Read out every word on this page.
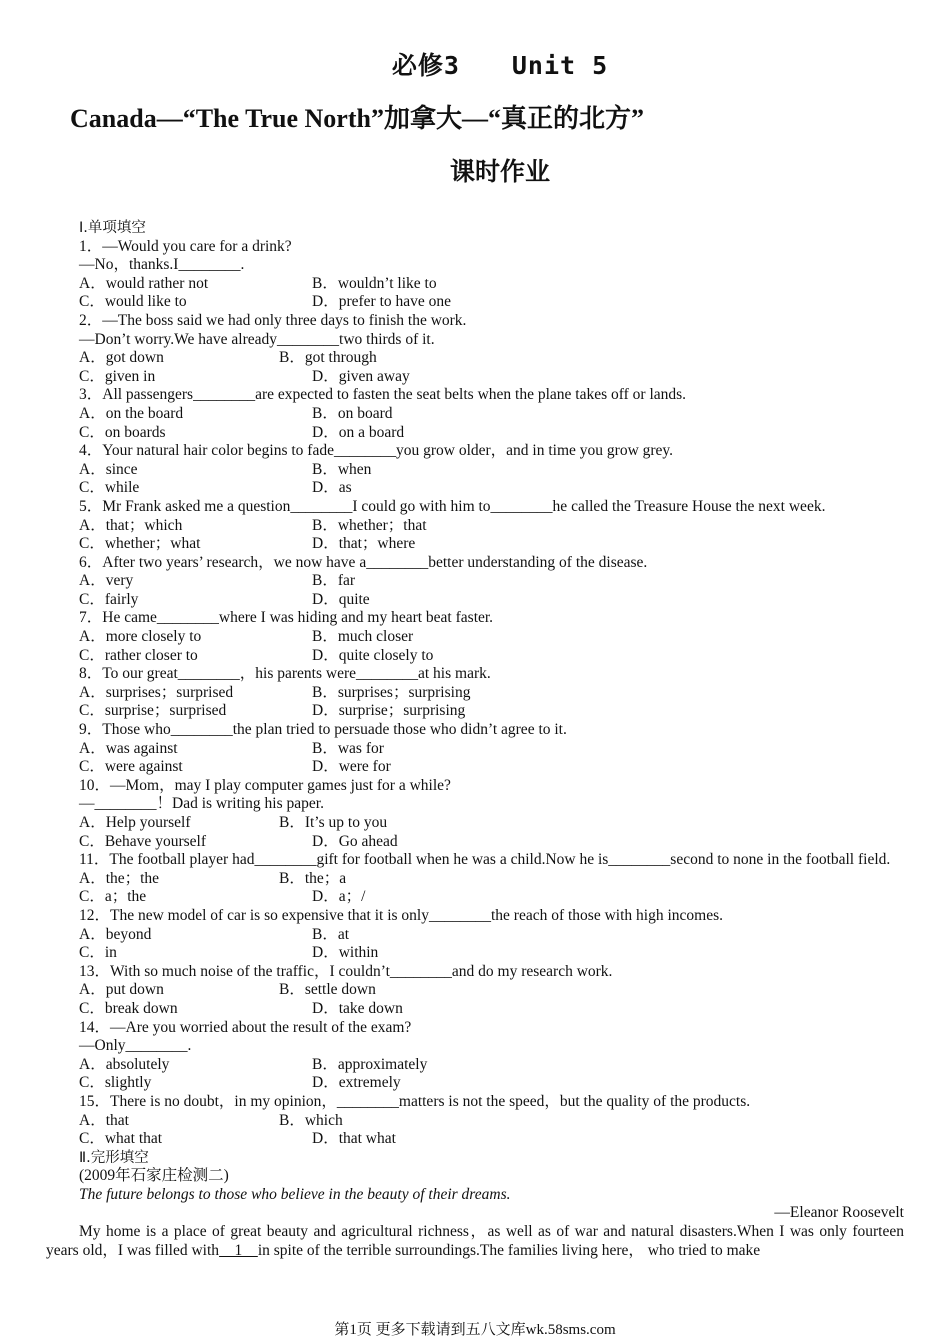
必修3　　Unit 5
Canada—“The True North”加拿大—“真正的北方”
课时作业
Ⅰ.单项填空
1．—Would you care for a drink?
—No，thanks.I________.
A．would rather not	B．wouldn’t like to
C．would like to	D．prefer to have one
2．—The boss said we had only three days to finish the work.
—Don’t worry.We have already________two thirds of it.
A．got down	B．got through
C．given in	D．given away
3．All passengers________are expected to fasten the seat belts when the plane takes off or lands.
A．on the board	B．on board
C．on boards	D．on a board
4．Your natural hair color begins to fade________you grow older，and in time you grow grey.
A．since	B．when
C．while	D．as
5．Mr Frank asked me a question________I could go with him to________he called the Treasure House the next week.
A．that；which	B．whether；that
C．whether；what	D．that；where
6．After two years’ research，we now have a________better understanding of the disease.
A．very	B．far
C．fairly	D．quite
7．He came________where I was hiding and my heart beat faster.
A．more closely to	B．much closer
C．rather closer to	D．quite closely to
8．To our great________，his parents were________at his mark.
A．surprises；surprised	B．surprises；surprising
C．surprise；surprised	D．surprise；surprising
9．Those who________the plan tried to persuade those who didn’t agree to it.
A．was against	B．was for
C．were against	D．were for
10．—Mom，may I play computer games just for a while?
—________！Dad is writing his paper.
A．Help yourself	B．It’s up to you
C．Behave yourself	D．Go ahead
11．The football player had________gift for football when he was a child.Now he is________second to none in the football field.
A．the；the	B．the；a
C．a；the	D．a；/
12．The new model of car is so expensive that it is only________the reach of those with high incomes.
A．beyond	B．at
C．in	D．within
13．With so much noise of the traffic，I couldn’t________and do my research work.
A．put down	B．settle down
C．break down	D．take down
14．—Are you worried about the result of the exam?
—Only________.
A．absolutely	B．approximately
C．slightly	D．extremely
15．There is no doubt，in my opinion，________matters is not the speed，but the quality of the products.
A．that	B．which
C．what that	D．that what
Ⅱ.完形填空
(2009年石家庄检测二)
The future belongs to those who believe in the beauty of their dreams.
—Eleanor Roosevelt
My home is a place of great beauty and agricultural richness，as well as of war and natural disasters.When I was only fourteen years old，I was filled with　1　in spite of the terrible surroundings.The families living here， who tried to make
第1页 更多下载请到五八文库wk.58sms.com
